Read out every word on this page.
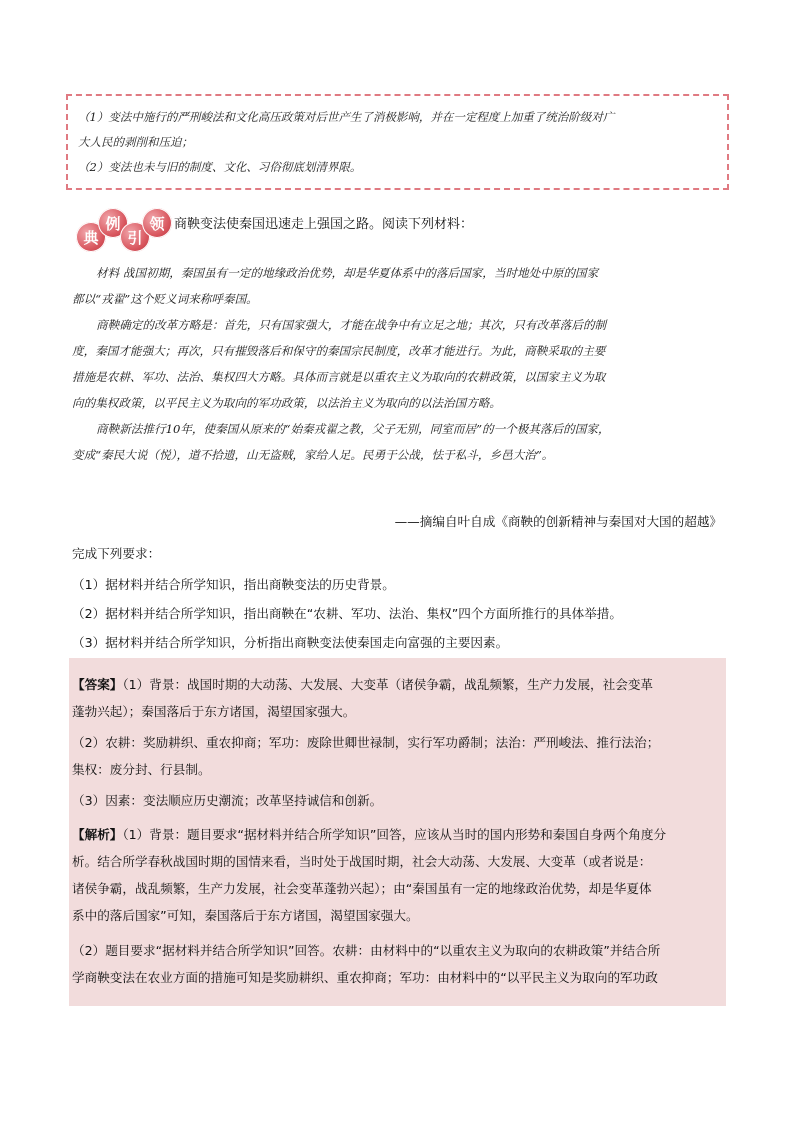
（1）变法中施行的严刑峻法和文化高压政策对后世产生了消极影响，并在一定程度上加重了统治阶级对广

大人民的剥削和压迫；

（2）变法也未与旧的制度、文化、习俗彻底划清界限。

典
例
引
领 商鞅变法使秦国迅速走上强国之路。阅读下列材料：

材料 战国初期，秦国虽有一定的地缘政治优势，却是华夏体系中的落后国家，当时地处中原的国家

都以“戎翟”这个贬义词来称呼秦国。

商鞅确定的改革方略是：首先，只有国家强大，才能在战争中有立足之地；其次，只有改革落后的制

度，秦国才能强大；再次，只有摧毁落后和保守的秦国宗民制度，改革才能进行。为此，商鞅采取的主要

措施是农耕、军功、法治、集权四大方略。具体而言就是以重农主义为取向的农耕政策，以国家主义为取

向的集权政策，以平民主义为取向的军功政策，以法治主义为取向的以法治国方略。

商鞅新法推行10年，使秦国从原来的“始秦戎翟之教，父子无别，同室而居”的一个极其落后的国家，

变成“秦民大说（悦），道不拾遗，山无盗贼，家给人足。民勇于公战，怯于私斗，乡邑大治”。

——摘编自叶自成《商鞅的创新精神与秦国对大国的超越》
完成下列要求：
（1）据材料并结合所学知识，指出商鞅变法的历史背景。
（2）据材料并结合所学知识，指出商鞅在“农耕、军功、法治、集权”四个方面所推行的具体举措。
（3）据材料并结合所学知识，分析指出商鞅变法使秦国走向富强的主要因素。

【答案】（1）背景：战国时期的大动荡、大发展、大变革（诸侯争霸，战乱频繁，生产力发展，社会变革

蓬勃兴起）；秦国落后于东方诸国，渴望国家强大。

（2）农耕：奖励耕织、重农抑商；军功：废除世卿世禄制，实行军功爵制；法治：严刑峻法、推行法治；

集权：废分封、行县制。

（3）因素：变法顺应历史潮流；改革坚持诚信和创新。

【解析】（1）背景：题目要求“据材料并结合所学知识”回答，应该从当时的国内形势和秦国自身两个角度分

析。结合所学春秋战国时期的国情来看，当时处于战国时期，社会大动荡、大发展、大变革（或者说是：

诸侯争霸，战乱频繁，生产力发展，社会变革蓬勃兴起）；由“秦国虽有一定的地缘政治优势，却是华夏体

系中的落后国家”可知，秦国落后于东方诸国，渴望国家强大。

（2）题目要求“据材料并结合所学知识”回答。农耕：由材料中的“以重农主义为取向的农耕政策”并结合所

学商鞅变法在农业方面的措施可知是奖励耕织、重农抑商；军功：由材料中的“以平民主义为取向的军功政
